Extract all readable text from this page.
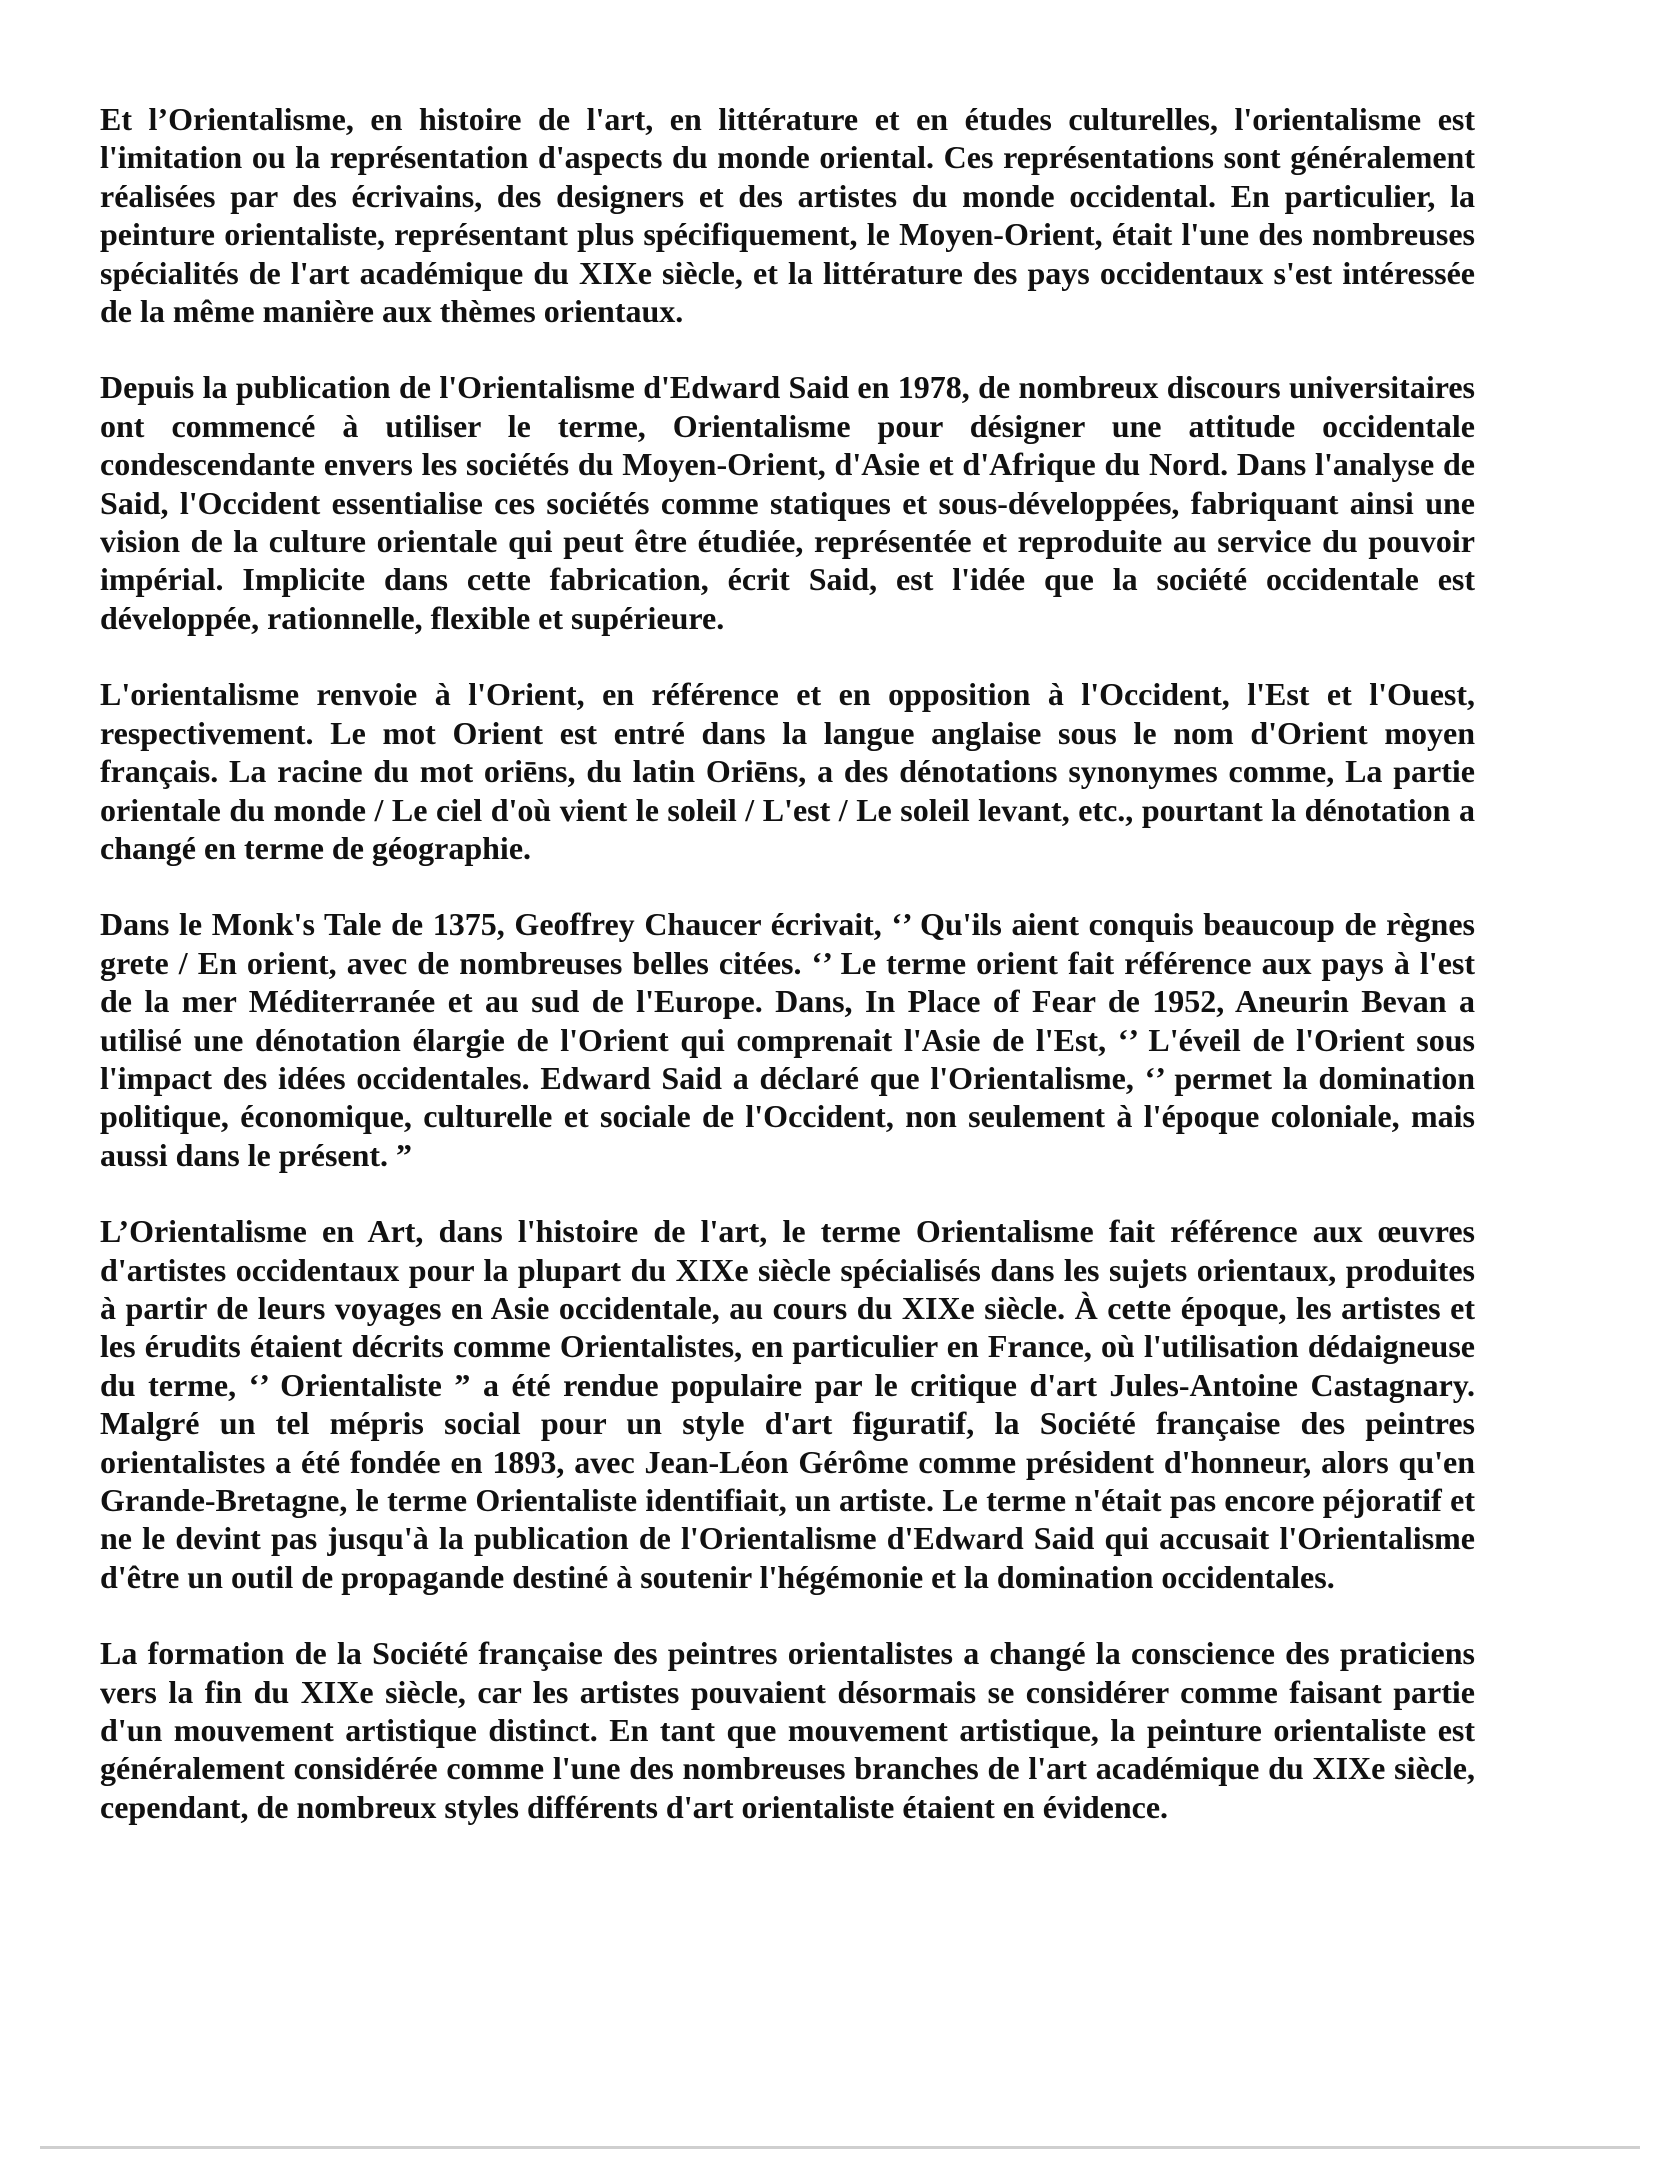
Et l’Orientalisme, en histoire de l'art, en littérature et en études culturelles, l'orientalisme est l'imitation ou la représentation d'aspects du monde oriental. Ces représentations sont généralement réalisées par des écrivains, des designers et des artistes du monde occidental. En particulier, la peinture orientaliste, représentant plus spécifiquement, le Moyen-Orient, était l'une des nombreuses spécialités de l'art académique du XIXe siècle, et la littérature des pays occidentaux s'est intéressée de la même manière aux thèmes orientaux.

Depuis la publication de l'Orientalisme d'Edward Said en 1978, de nombreux discours universitaires ont commencé à utiliser le terme, Orientalisme pour désigner une attitude occidentale condescendante envers les sociétés du Moyen-Orient, d'Asie et d'Afrique du Nord. Dans l'analyse de Said, l'Occident essentialise ces sociétés comme statiques et sous-développées, fabriquant ainsi une vision de la culture orientale qui peut être étudiée, représentée et reproduite au service du pouvoir impérial. Implicite dans cette fabrication, écrit Said, est l'idée que la société occidentale est développée, rationnelle, flexible et supérieure.

L'orientalisme renvoie à l'Orient, en référence et en opposition à l'Occident, l'Est et l'Ouest, respectivement. Le mot Orient est entré dans la langue anglaise sous le nom d'Orient moyen français. La racine du mot oriēns, du latin Oriēns, a des dénotations synonymes comme, La partie orientale du monde / Le ciel d'où vient le soleil / L'est / Le soleil levant, etc., pourtant la dénotation a changé en terme de géographie.

Dans le Monk's Tale de 1375, Geoffrey Chaucer écrivait, ‘’ Qu'ils aient conquis beaucoup de règnes grete / En orient, avec de nombreuses belles citées. ‘’ Le terme orient fait référence aux pays à l'est de la mer Méditerranée et au sud de l'Europe. Dans, In Place of Fear de 1952, Aneurin Bevan a utilisé une dénotation élargie de l'Orient qui comprenait l'Asie de l'Est, ‘’ L'éveil de l'Orient sous l'impact des idées occidentales. Edward Said a déclaré que l'Orientalisme, ‘’ permet la domination politique, économique, culturelle et sociale de l'Occident, non seulement à l'époque coloniale, mais aussi dans le présent. ”

L’Orientalisme en Art, dans l'histoire de l'art, le terme Orientalisme fait référence aux œuvres d'artistes occidentaux pour la plupart du XIXe siècle spécialisés dans les sujets orientaux, produites à partir de leurs voyages en Asie occidentale, au cours du XIXe siècle. À cette époque, les artistes et les érudits étaient décrits comme Orientalistes, en particulier en France, où l'utilisation dédaigneuse du terme, ‘’ Orientaliste ” a été rendue populaire par le critique d'art Jules-Antoine Castagnary. Malgré un tel mépris social pour un style d'art figuratif, la Société française des peintres orientalistes a été fondée en 1893, avec Jean-Léon Gérôme comme président d'honneur, alors qu'en Grande-Bretagne, le terme Orientaliste identifiait, un artiste. Le terme n'était pas encore péjoratif et ne le devint pas jusqu'à la publication de l'Orientalisme d'Edward Said qui accusait l'Orientalisme d'être un outil de propagande destiné à soutenir l'hégémonie et la domination occidentales.

La formation de la Société française des peintres orientalistes a changé la conscience des praticiens vers la fin du XIXe siècle, car les artistes pouvaient désormais se considérer comme faisant partie d'un mouvement artistique distinct. En tant que mouvement artistique, la peinture orientaliste est généralement considérée comme l'une des nombreuses branches de l'art académique du XIXe siècle, cependant, de nombreux styles différents d'art orientaliste étaient en évidence.
